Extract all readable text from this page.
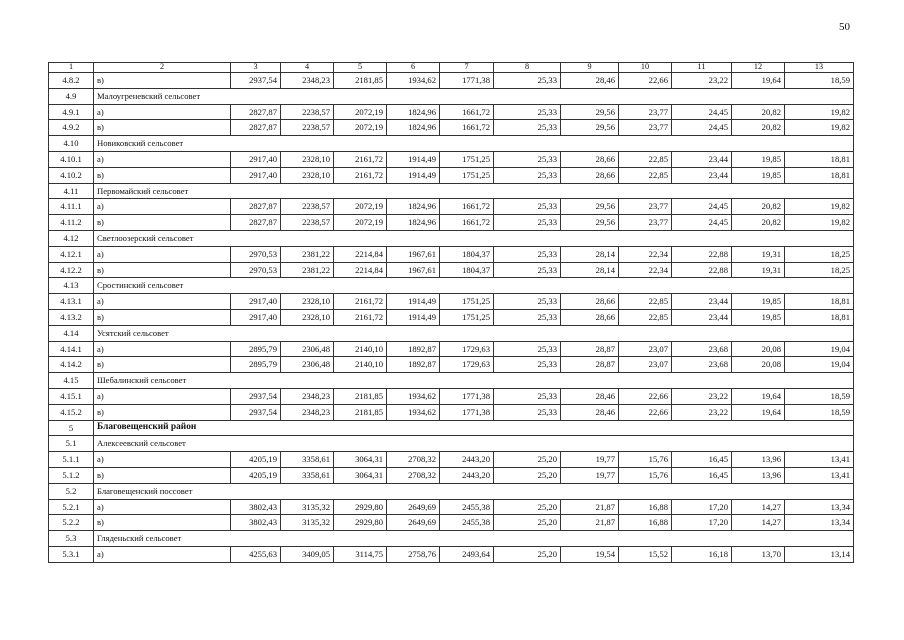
50
1	2	3	4	5	6	7	8	9	10	11	12	13
4.8.2	в)	2937,54	2348,23	2181,85	1934,62	1771,38	25,33	28,46	22,66	23,22	19,64	18,59
4.9	Малоугреневский сельсовет											
4.9.1	а)	2827,87	2238,57	2072,19	1824,96	1661,72	25,33	29,56	23,77	24,45	20,82	19,82
4.9.2	в)	2827,87	2238,57	2072,19	1824,96	1661,72	25,33	29,56	23,77	24,45	20,82	19,82
4.10	Новиковский сельсовет											
4.10.1	а)	2917,40	2328,10	2161,72	1914,49	1751,25	25,33	28,66	22,85	23,44	19,85	18,81
4.10.2	в)	2917,40	2328,10	2161,72	1914,49	1751,25	25,33	28,66	22,85	23,44	19,85	18,81
4.11	Первомайский сельсовет											
4.11.1	а)	2827,87	2238,57	2072,19	1824,96	1661,72	25,33	29,56	23,77	24,45	20,82	19,82
4.11.2	в)	2827,87	2238,57	2072,19	1824,96	1661,72	25,33	29,56	23,77	24,45	20,82	19,82
4.12	Светлоозерский сельсовет											
4.12.1	а)	2970,53	2381,22	2214,84	1967,61	1804,37	25,33	28,14	22,34	22,88	19,31	18,25
4.12.2	в)	2970,53	2381,22	2214,84	1967,61	1804,37	25,33	28,14	22,34	22,88	19,31	18,25
4.13	Сростинский сельсовет											
4.13.1	а)	2917,40	2328,10	2161,72	1914,49	1751,25	25,33	28,66	22,85	23,44	19,85	18,81
4.13.2	в)	2917,40	2328,10	2161,72	1914,49	1751,25	25,33	28,66	22,85	23,44	19,85	18,81
4.14	Усятский сельсовет											
4.14.1	а)	2895,79	2306,48	2140,10	1892,87	1729,63	25,33	28,87	23,07	23,68	20,08	19,04
4.14.2	в)	2895,79	2306,48	2140,10	1892,87	1729,63	25,33	28,87	23,07	23,68	20,08	19,04
4.15	Шебалинский сельсовет											
4.15.1	а)	2937,54	2348,23	2181,85	1934,62	1771,38	25,33	28,46	22,66	23,22	19,64	18,59
4.15.2	в)	2937,54	2348,23	2181,85	1934,62	1771,38	25,33	28,46	22,66	23,22	19,64	18,59
5	Благовещенский район											
5.1	Алексеевский сельсовет											
5.1.1	а)	4205,19	3358,61	3064,31	2708,32	2443,20	25,20	19,77	15,76	16,45	13,96	13,41
5.1.2	в)	4205,19	3358,61	3064,31	2708,32	2443,20	25,20	19,77	15,76	16,45	13,96	13,41
5.2	Благовещенский поссовет											
5.2.1	а)	3802,43	3135,32	2929,80	2649,69	2455,38	25,20	21,87	16,88	17,20	14,27	13,34
5.2.2	в)	3802,43	3135,32	2929,80	2649,69	2455,38	25,20	21,87	16,88	17,20	14,27	13,34
5.3	Гляденьский сельсовет											
5.3.1	а)	4255,63	3409,05	3114,75	2758,76	2493,64	25,20	19,54	15,52	16,18	13,70	13,14
